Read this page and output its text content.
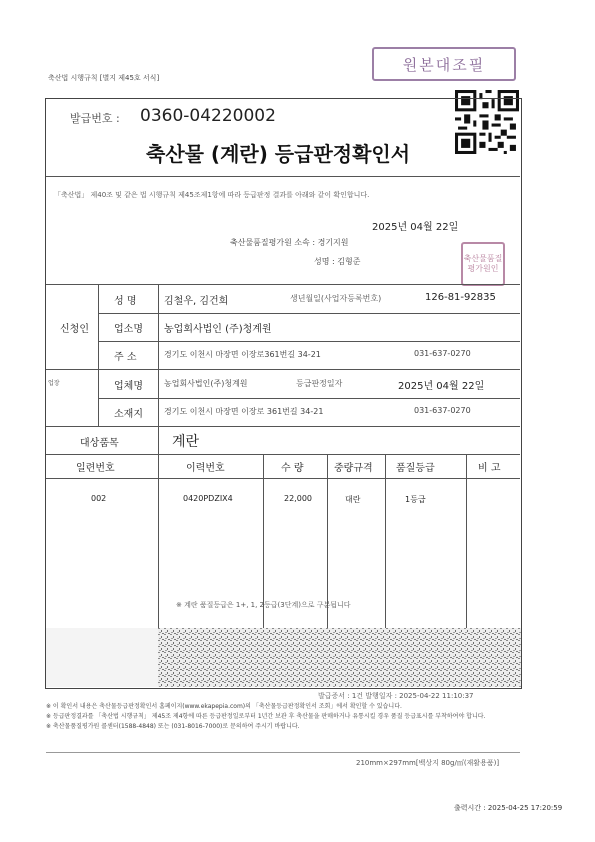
원본대조필
축산법 시행규칙 [별지 제45호 서식]
발급번호 : 0360-04220002
축산물 (계란) 등급판정확인서
「축산법」 제40조 및 같은 법 시행규칙 제45조제1항에 따라 등급판정 결과를 아래와 같이 확인합니다.
2025년 04월 22일
축산물품질평가원 소속 : 경기지원
성명 : 김형준	축산물품질평가원인
신청인
성 명	김철우, 김건희	생년월일(사업자등록번호)	126-81-92835
업소명 농업회사법인 (주)청계원
주 소	경기도 이천시 마장면 이장로361번길 34-21	031-637-0270
업장	업체명	농업회사법인(주)청계원	등급판정일자	2025년 04월 22일
소재지	경기도 이천시 마장면 이장로 361번길 34-21	031-637-0270
대상품목	계란
일련번호	이력번호	수 량	중량규격 품질등급	비 고
002	0420PDZIX4	22,000	대란	1등급
※ 계란 품질등급은 1+, 1, 2등급(3단계)으로 구분됩니다
발급증서 : 1건 발행일자 : 2025-04-22 11:10:37
※ 이 확인서 내용은 축산물등급판정확인서 홈페이지(www.ekapepia.com)의 「축산물등급판정확인서 조회」에서 확인할 수 있습니다.
※ 등급판정결과를 「축산법 시행규칙」 제45조 제4항에 따른 등급판정일로부터 1년간 보관 후 축산물을 판매하거나 유통시킬 경우 품질 등급표시를 부착하여야 합니다.
※ 축산물품질평가원 콜센터(1588-4848) 또는 (031-8016-7000)로 문의하여 주시기 바랍니다.
210mm×297mm[백상지 80g/㎡(재활용품)]
출력시간 : 2025-04-25 17:20:59
